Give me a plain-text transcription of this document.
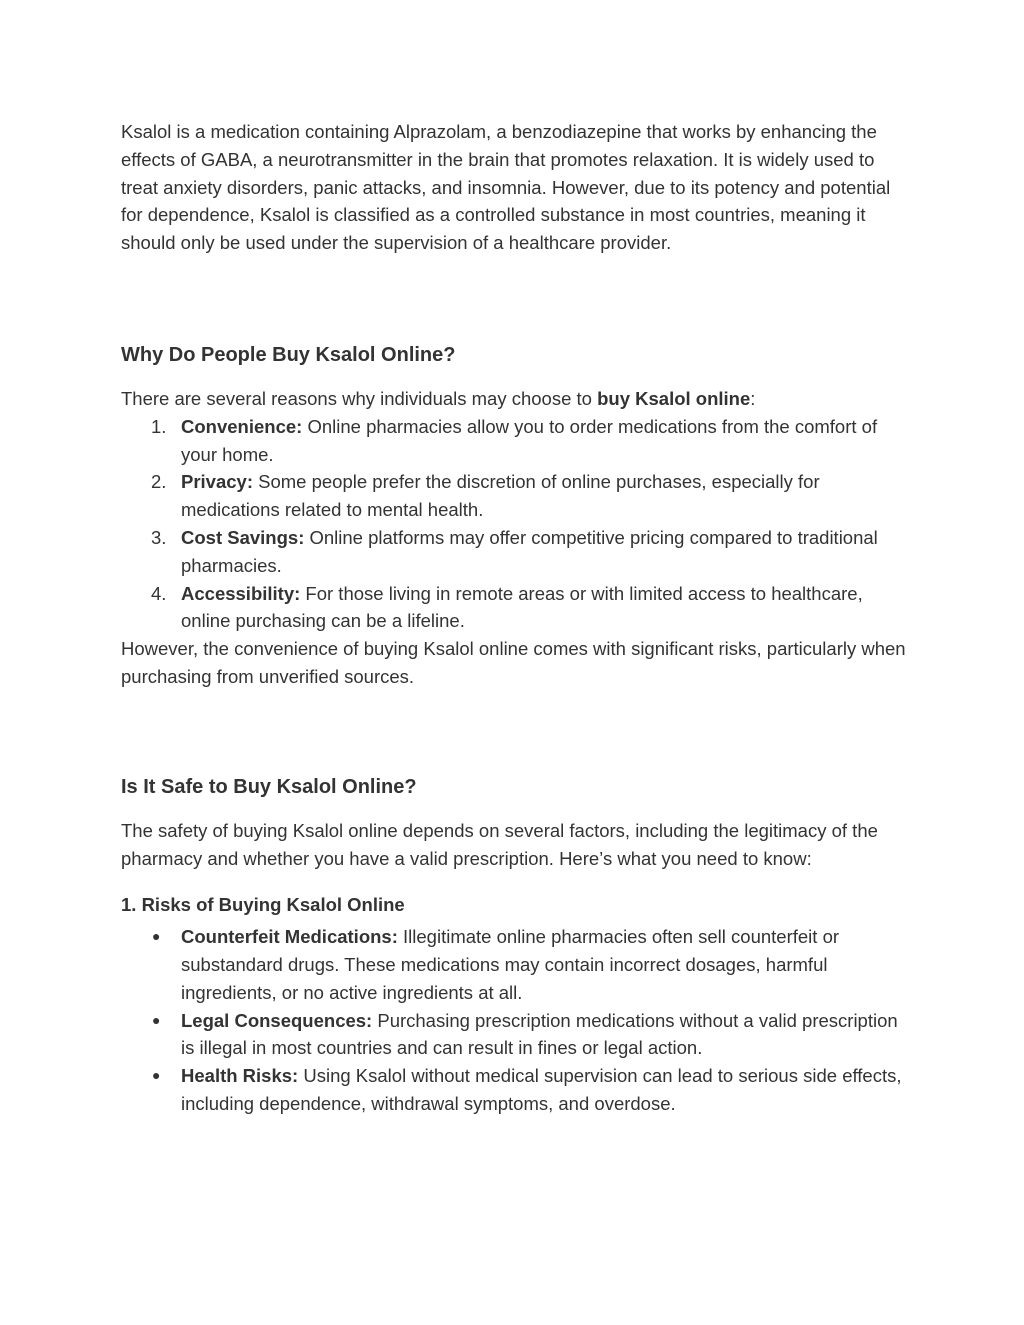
Ksalol is a medication containing Alprazolam, a benzodiazepine that works by enhancing the effects of GABA, a neurotransmitter in the brain that promotes relaxation. It is widely used to treat anxiety disorders, panic attacks, and insomnia. However, due to its potency and potential for dependence, Ksalol is classified as a controlled substance in most countries, meaning it should only be used under the supervision of a healthcare provider.

Why Do People Buy Ksalol Online?

There are several reasons why individuals may choose to buy Ksalol online:

1. Convenience: Online pharmacies allow you to order medications from the comfort of your home.
2. Privacy: Some people prefer the discretion of online purchases, especially for medications related to mental health.
3. Cost Savings: Online platforms may offer competitive pricing compared to traditional pharmacies.
4. Accessibility: For those living in remote areas or with limited access to healthcare, online purchasing can be a lifeline.

However, the convenience of buying Ksalol online comes with significant risks, particularly when purchasing from unverified sources.

Is It Safe to Buy Ksalol Online?

The safety of buying Ksalol online depends on several factors, including the legitimacy of the pharmacy and whether you have a valid prescription. Here’s what you need to know:

1. Risks of Buying Ksalol Online
● Counterfeit Medications: Illegitimate online pharmacies often sell counterfeit or substandard drugs. These medications may contain incorrect dosages, harmful ingredients, or no active ingredients at all.
● Legal Consequences: Purchasing prescription medications without a valid prescription is illegal in most countries and can result in fines or legal action.
● Health Risks: Using Ksalol without medical supervision can lead to serious side effects, including dependence, withdrawal symptoms, and overdose.
